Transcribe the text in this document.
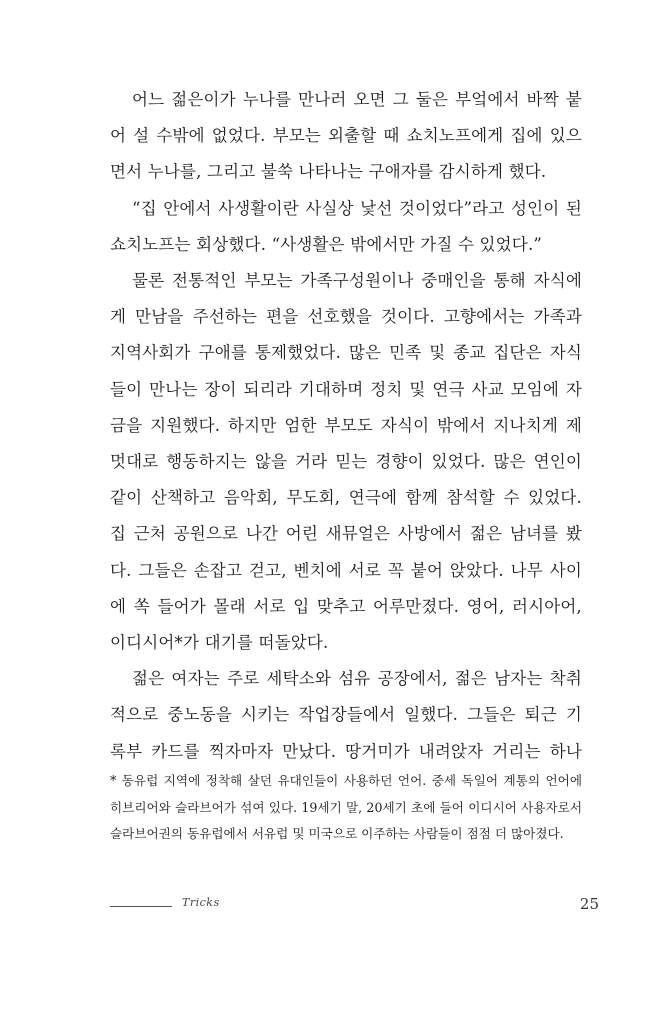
어느 젊은이가 누나를 만나러 오면 그 둘은 부엌에서 바짝 붙
어 설 수밖에 없었다. 부모는 외출할 때 쇼치노프에게 집에 있으
면서 누나를, 그리고 불쑥 나타나는 구애자를 감시하게 했다.
“집 안에서 사생활이란 사실상 낯선 것이었다”라고 성인이 된
쇼치노프는 회상했다. “사생활은 밖에서만 가질 수 있었다.”
물론 전통적인 부모는 가족구성원이나 중매인을 통해 자식에
게 만남을 주선하는 편을 선호했을 것이다. 고향에서는 가족과
지역사회가 구애를 통제했었다. 많은 민족 및 종교 집단은 자식
들이 만나는 장이 되리라 기대하며 정치 및 연극 사교 모임에 자
금을 지원했다. 하지만 엄한 부모도 자식이 밖에서 지나치게 제
멋대로 행동하지는 않을 거라 믿는 경향이 있었다. 많은 연인이
같이 산책하고 음악회, 무도회, 연극에 함께 참석할 수 있었다.
집 근처 공원으로 나간 어린 새뮤얼은 사방에서 젊은 남녀를 봤
다. 그들은 손잡고 걷고, 벤치에 서로 꼭 붙어 앉았다. 나무 사이
에 쏙 들어가 몰래 서로 입 맞추고 어루만졌다. 영어, 러시아어,
이디시어*가 대기를 떠돌았다.
젊은 여자는 주로 세탁소와 섬유 공장에서, 젊은 남자는 착취
적으로 중노동을 시키는 작업장들에서 일했다. 그들은 퇴근 기
록부 카드를 찍자마자 만났다. 땅거미가 내려앉자 거리는 하나
* 동유럽 지역에 정착해 살던 유대인들이 사용하던 언어. 중세 독일어 계통의 언어에
히브리어와 슬라브어가 섞여 있다. 19세기 말, 20세기 초에 들어 이디시어 사용자로서
슬라브어권의 동유럽에서 서유럽 및 미국으로 이주하는 사람들이 점점 더 많아졌다.
Tricks	25
